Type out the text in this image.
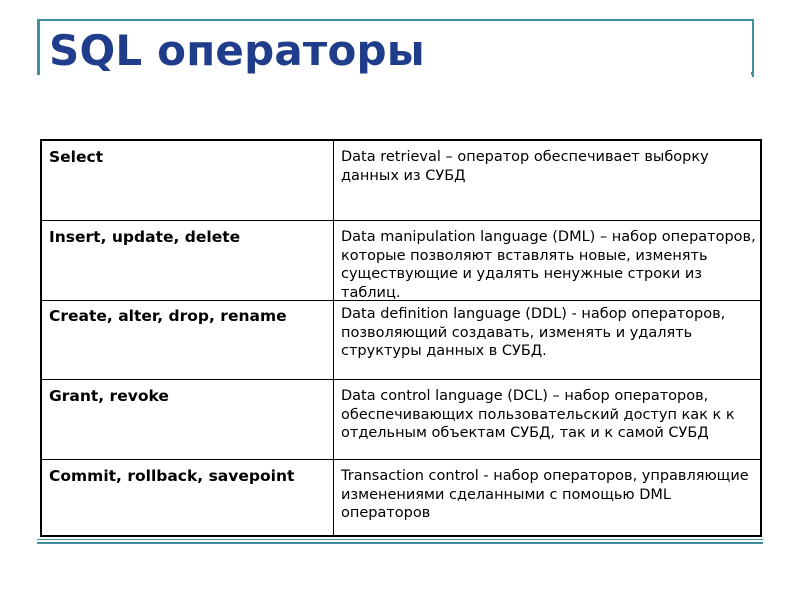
SQL операторы
Select	Data retrieval – оператор обеспечивает выборку данных из СУБД
Insert, update, delete	Data manipulation language (DML) – набор операторов, которые позволяют вставлять новые, изменять существующие и удалять ненужные строки из таблиц.
Create, alter, drop, rename	Data definition language (DDL) - набор операторов, позволяющий создавать, изменять и удалять структуры данных в СУБД.
Grant, revoke	Data control language (DCL) – набор операторов, обеспечивающих пользовательский доступ как к к отдельным объектам СУБД, так и к самой СУБД
Commit, rollback, savepoint	Transaction control - набор операторов, управляющие изменениями сделанными с помощью DML операторов
